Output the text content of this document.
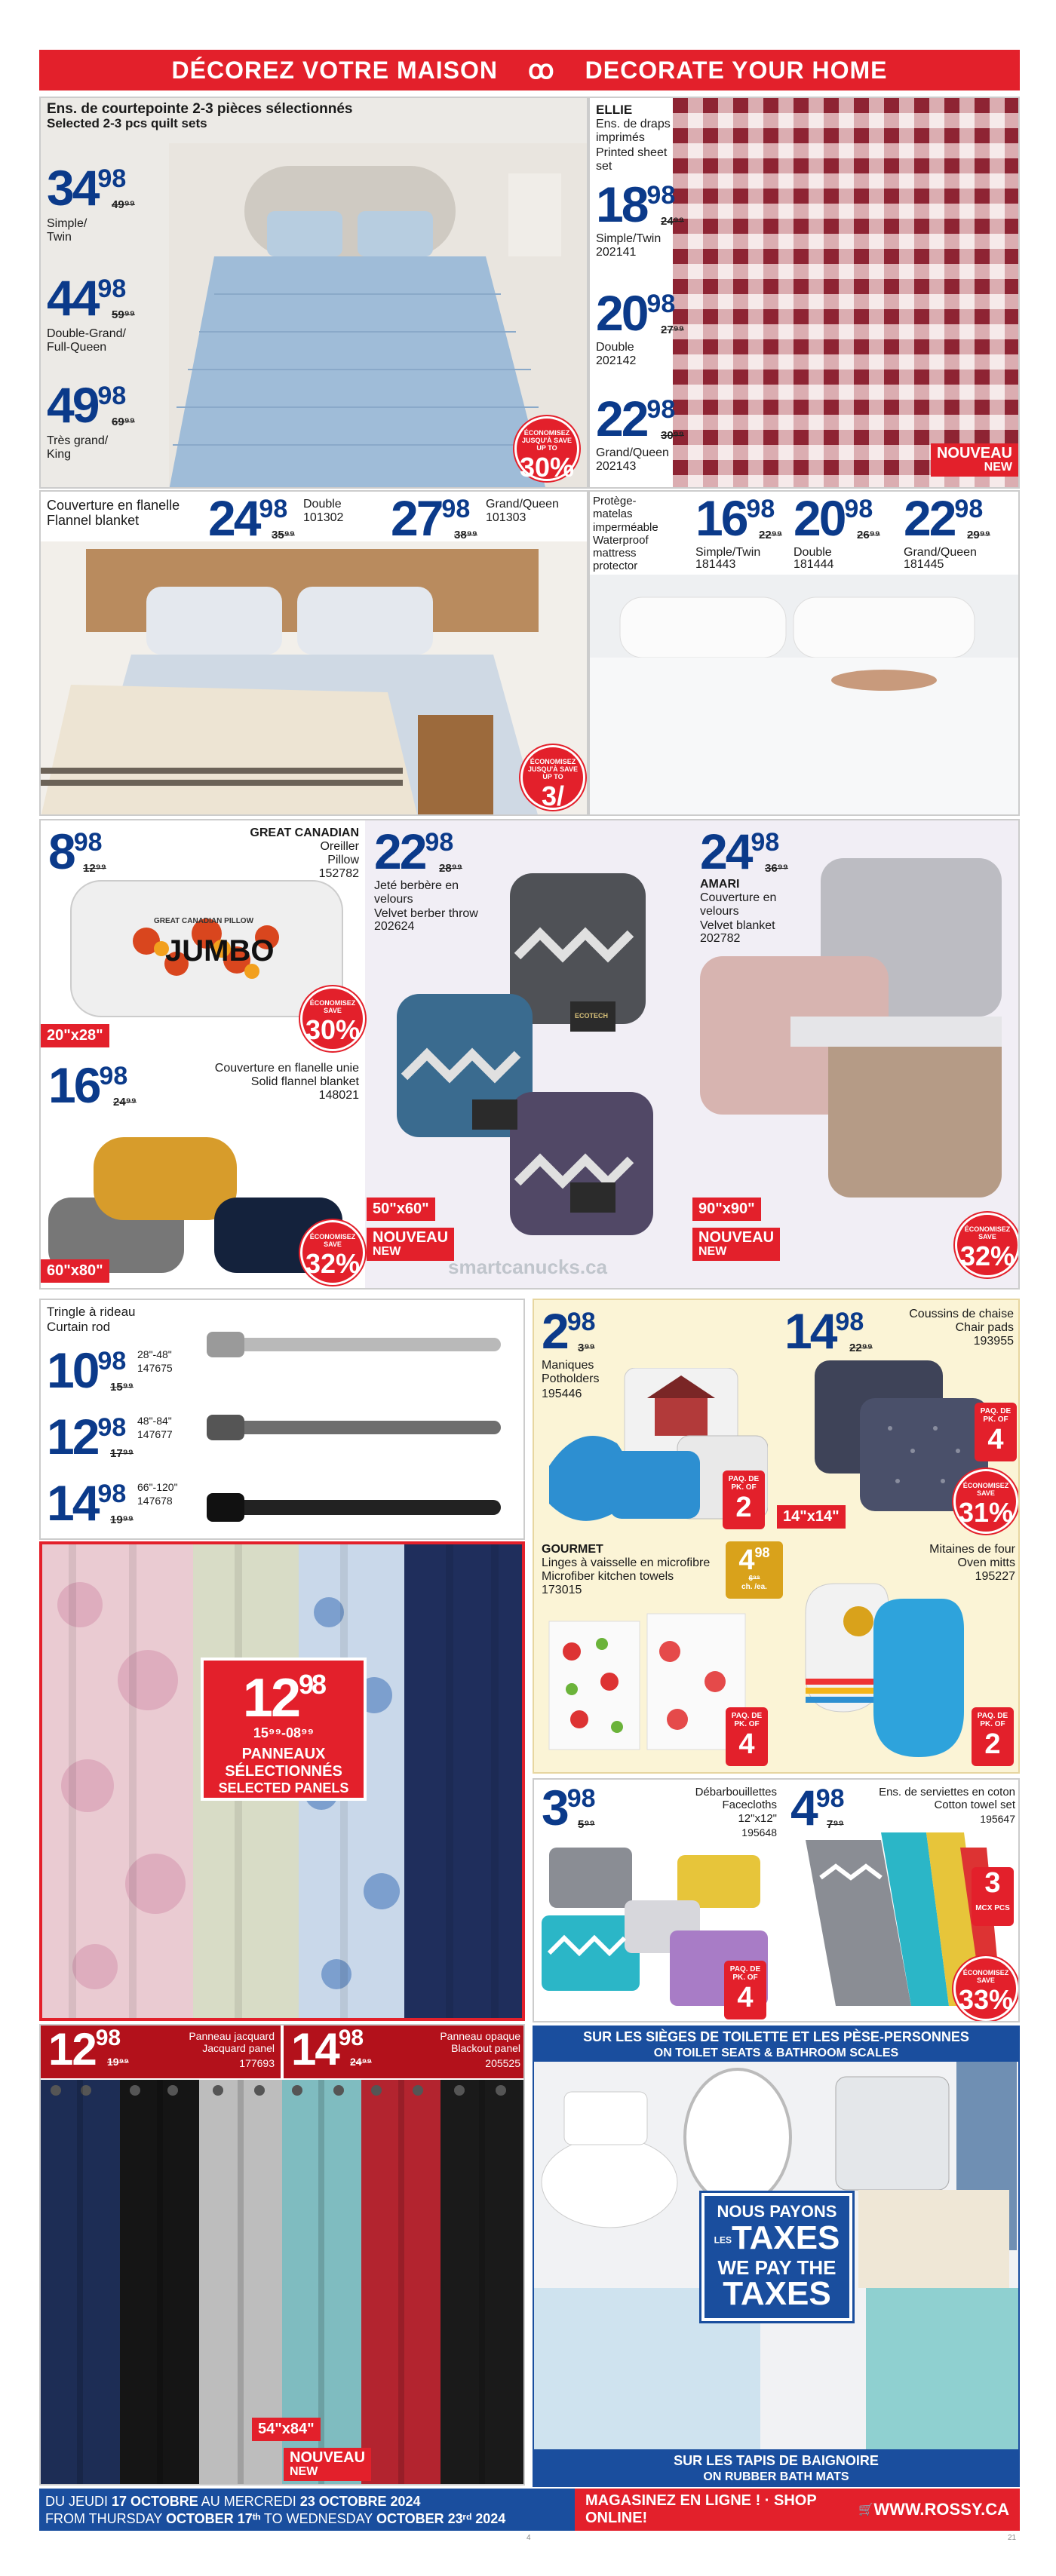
DÉCOREZ VOTRE MAISON ꝏ DECORATE YOUR HOME
Ens. de courtepointe 2-3 pièces sélectionnés
Selected 2-3 pcs quilt sets
3498
49⁹⁹
Simple/
Twin
4498
59⁹⁹
Double-Grand/
Full-Queen
4998
69⁹⁹
Très grand/
King
ÉCONOMISEZ JUSQU'À SAVE UP TO
30%
ELLIE
Ens. de draps imprimés
Printed sheet set
1898
24⁹⁹
Simple/Twin
202141
2098
27⁹⁹
Double
202142
2298
30⁹⁹
Grand/Queen
202143
NOUVEAU
NEW
Couverture en flanelle
Flannel blanket 2498
35⁹⁹
Double
101302 2798
38⁹⁹
Grand/Queen
101303
ÉCONOMISEZ JUSQU'À SAVE UP TO
3/
Protège-
matelas
imperméable
Waterproof
mattress
protector
1698
22⁹⁹
Simple/Twin
181443
2098
26⁹⁹
Double
181444
2298
29⁹⁹
Grand/Queen
181445
GREAT CANADIAN PILLOW
JUMBO
898
12⁹⁹
GREAT CANADIAN
Oreiller
Pillow
152782
20"x28"
ÉCONOMISEZ SAVE
30%
1698
24⁹⁹
Couverture en flanelle unie
Solid flannel blanket
148021
60"x80"
ÉCONOMISEZ SAVE
32%
ECOTECH
2298
28⁹⁹
Jeté berbère en
velours
Velvet berber throw
202624
50"x60"
NOUVEAU
NEW
smartcanucks.ca
2498
36⁹⁹
AMARI
Couverture en
velours
Velvet blanket
202782
90"x90"
NOUVEAU
NEW
ÉCONOMISEZ SAVE
32%
Tringle à rideau
Curtain rod
1098
15⁹⁹
28"-48"
147675
1298
17⁹⁹
48"-84"
147677
1498
19⁹⁹
66"-120"
147678
$12^{98}$
15⁹⁹-08⁹⁹
PANNEAUX SÉLECTIONNÉS
SELECTED PANELS
1298
19⁹⁹
Panneau jacquard
Jacquard panel
177693 1498
24⁹⁹
Panneau opaque
Blackout panel
205525
54"x84"
NOUVEAU
NEW
298
3⁹⁹
Maniques
Potholders
195446
PAQ. DE PK. OF
2
1498
22⁹⁹
Coussins de chaise
Chair pads
193955
PAQ. DE PK. OF
4
14"x14"
ÉCONOMISEZ SAVE
31%
GOURMET
Linges à vaisselle en microfibre
Microfiber kitchen towels
173015
$4^{98}$
6⁹⁹
ch. /ea.
PAQ. DE PK. OF
4
Mitaines de four
Oven mitts
195227
PAQ. DE PK. OF
2
398
5⁹⁹
Débarbouillettes
Facecloths
12"x12"
195648
PAQ. DE PK. OF
4
498
7⁹⁹
Ens. de serviettes en coton
Cotton towel set
195647
3
MCX PCS
ÉCONOMISEZ SAVE
33%
SUR LES SIÈGES DE TOILETTE ET LES PÈSE-PERSONNES
ON TOILET SEATS & BATHROOM SCALES
NOUS PAYONS
LESTAXES
WE PAY THE
TAXES
SUR LES TAPIS DE BAIGNOIRE
ON RUBBER BATH MATS
DU JEUDI 17 OCTOBRE AU MERCREDI 23 OCTOBRE 2024
FROM THURSDAY OCTOBER 17ᵗʰ TO WEDNESDAY OCTOBER 23ʳᵈ 2024
MAGASINEZ EN LIGNE ! · SHOP ONLINE!	🛒 WWW.ROSSY.CA
4	21
